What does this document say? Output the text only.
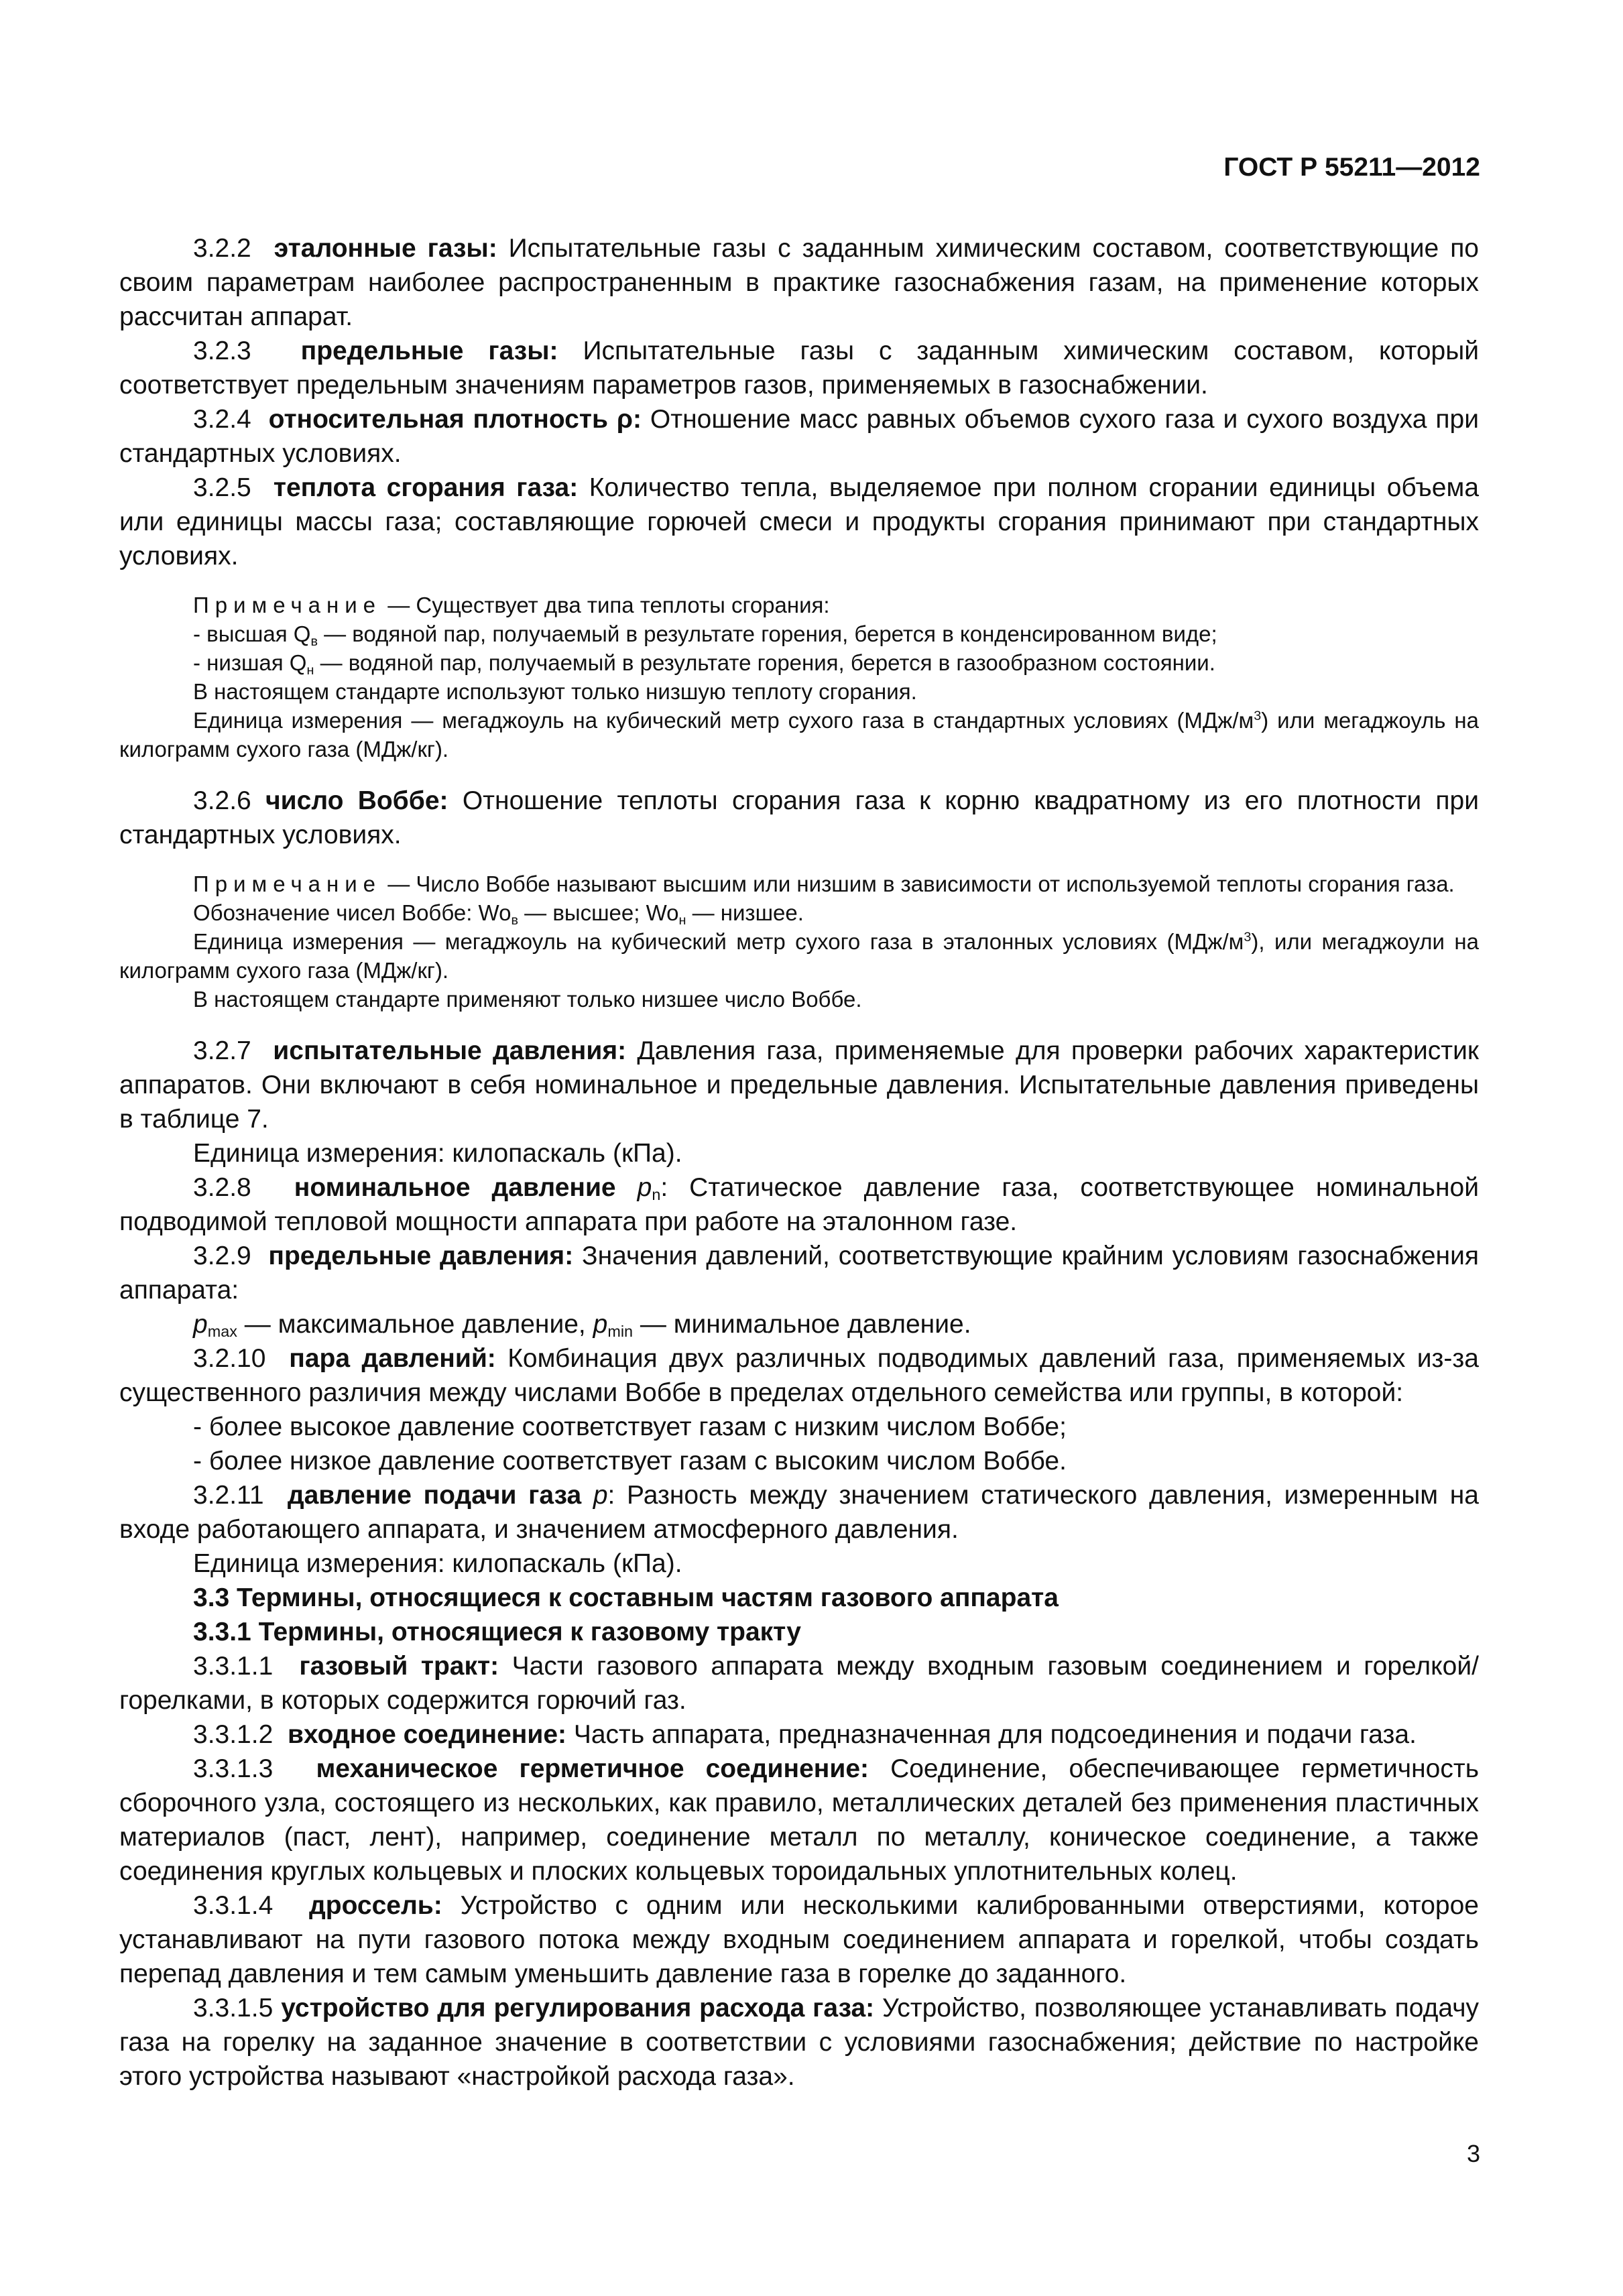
ГОСТ Р 55211—2012

3.2.2 эталонные газы: Испытательные газы с заданным химическим составом, соответствующие по своим параметрам наиболее распространенным в практике газоснабжения газам, на применение которых рассчитан аппарат.

3.2.3 предельные газы: Испытательные газы с заданным химическим составом, который соответствует предельным значениям параметров газов, применяемых в газоснабжении.

3.2.4 относительная плотность ρ: Отношение масс равных объемов сухого газа и сухого воздуха при стандартных условиях.

3.2.5 теплота сгорания газа: Количество тепла, выделяемое при полном сгорании единицы объема или единицы массы газа; составляющие горючей смеси и продукты сгорания принимают при стандартных условиях.

Примечание — Существует два типа теплоты сгорания:

- высшая $Q_в$ — водяной пар, получаемый в результате горения, берется в конденсированном виде;

- низшая $Q_н$ — водяной пар, получаемый в результате горения, берется в газообразном состоянии.

В настоящем стандарте используют только низшую теплоту сгорания.

Единица измерения — мегаджоуль на кубический метр сухого газа в стандартных условиях $(МДж/м^3)$ или мегаджоуль на килограмм сухого газа (МДж/кг).

3.2.6 число Воббе: Отношение теплоты сгорания газа к корню квадратному из его плотности при стандартных условиях.

Примечание — Число Воббе называют высшим или низшим в зависимости от используемой теплоты сгорания газа.

Обозначение чисел Воббе: $Wo_в$ — высшее; $Wo_н$ — низшее.

Единица измерения — мегаджоуль на кубический метр сухого газа в эталонных условиях $(МДж/м^3)$, или мегаджоули на килограмм сухого газа (МДж/кг).

В настоящем стандарте применяют только низшее число Воббе.

3.2.7 испытательные давления: Давления газа, применяемые для проверки рабочих характеристик аппаратов. Они включают в себя номинальное и предельные давления. Испытательные давления приведены в таблице 7.

Единица измерения: килопаскаль (кПа).

3.2.8 номинальное давление $p_n$: Статическое давление газа, соответствующее номинальной подводимой тепловой мощности аппарата при работе на эталонном газе.

3.2.9 предельные давления: Значения давлений, соответствующие крайним условиям газоснабжения аппарата:

$p_{max}$ — максимальное давление, $p_{min}$ — минимальное давление.

3.2.10 пара давлений: Комбинация двух различных подводимых давлений газа, применяемых из-за существенного различия между числами Воббе в пределах отдельного семейства или группы, в которой:

- более высокое давление соответствует газам с низким числом Воббе;

- более низкое давление соответствует газам с высоким числом Воббе.

3.2.11 давление подачи газа p: Разность между значением статического давления, измеренным на входе работающего аппарата, и значением атмосферного давления.

Единица измерения: килопаскаль (кПа).

3.3 Термины, относящиеся к составным частям газового аппарата

3.3.1 Термины, относящиеся к газовому тракту

3.3.1.1 газовый тракт: Части газового аппарата между входным газовым соединением и горелкой/горелками, в которых содержится горючий газ.

3.3.1.2 входное соединение: Часть аппарата, предназначенная для подсоединения и подачи газа.

3.3.1.3 механическое герметичное соединение: Соединение, обеспечивающее герметичность сборочного узла, состоящего из нескольких, как правило, металлических деталей без применения пластичных материалов (паст, лент), например, соединение металл по металлу, коническое соединение, а также соединения круглых кольцевых и плоских кольцевых тороидальных уплотнительных колец.

3.3.1.4 дроссель: Устройство с одним или несколькими калиброванными отверстиями, которое устанавливают на пути газового потока между входным соединением аппарата и горелкой, чтобы создать перепад давления и тем самым уменьшить давление газа в горелке до заданного.

3.3.1.5 устройство для регулирования расхода газа: Устройство, позволяющее устанавливать подачу газа на горелку на заданное значение в соответствии с условиями газоснабжения; действие по настройке этого устройства называют «настройкой расхода газа».

3
